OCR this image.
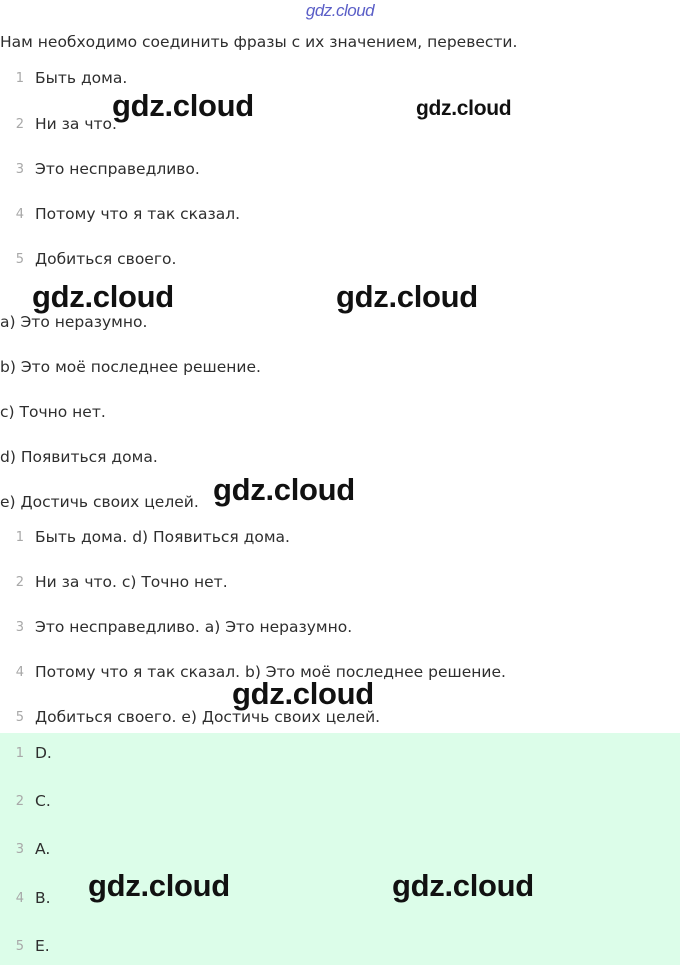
gdz.cloud
Нам необходимо соединить фразы с их значением, перевести.
1 Быть дома.
2 Ни за что.
3 Это несправедливо.
4 Потому что я так сказал.
5 Добиться своего.
а) Это неразумно.
b) Это моё последнее решение.
с) Точно нет.
d) Появиться дома.
е) Достичь своих целей.
1 Быть дома. d) Появиться дома.
2 Ни за что. с) Точно нет.
3 Это несправедливо. а) Это неразумно.
4 Потому что я так сказал. b) Это моё последнее решение.
5 Добиться своего. е) Достичь своих целей.
1 D.
2 C.
3 A.
4 B.
5 E.
gdz.cloud	gdz.cloud
gdz.cloud	gdz.cloud
gdz.cloud
gdz.cloud
gdz.cloud	gdz.cloud
